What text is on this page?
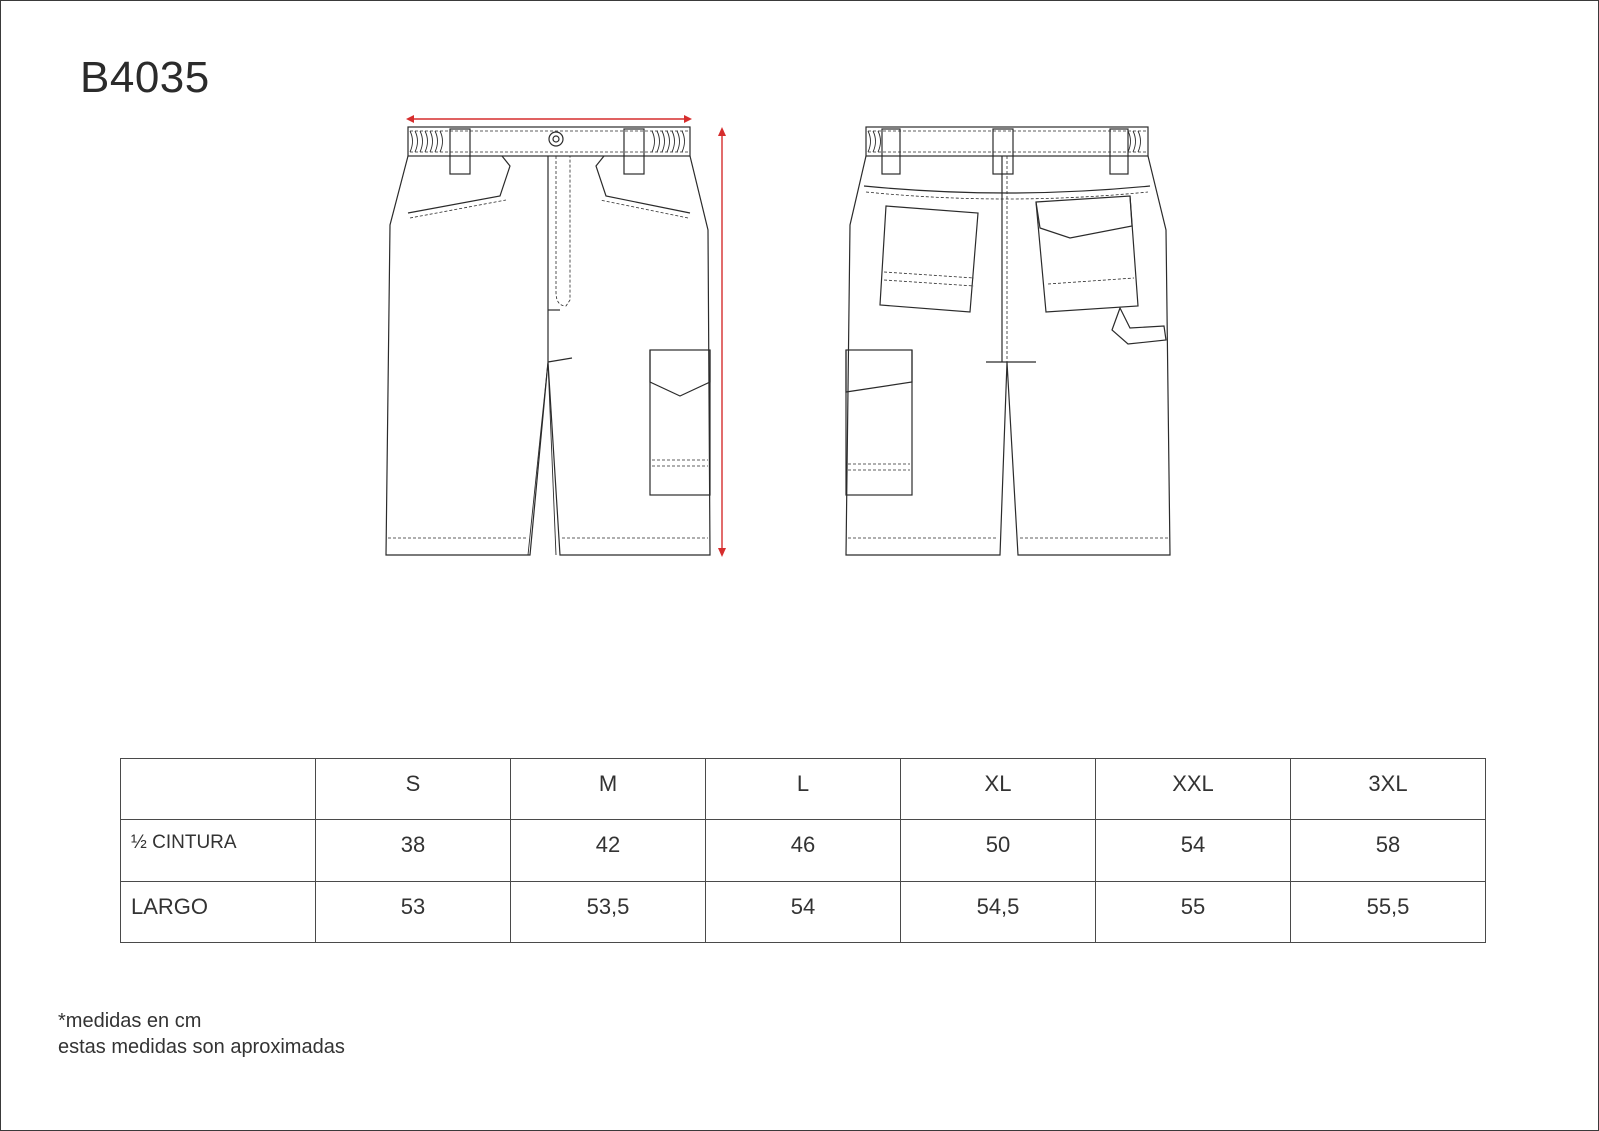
B4035
	S	M	L	XL	XXL	3XL
½ CINTURA	38	42	46	50	54	58
LARGO	53	53,5	54	54,5	55	55,5
*medidas en cm
estas medidas son aproximadas
